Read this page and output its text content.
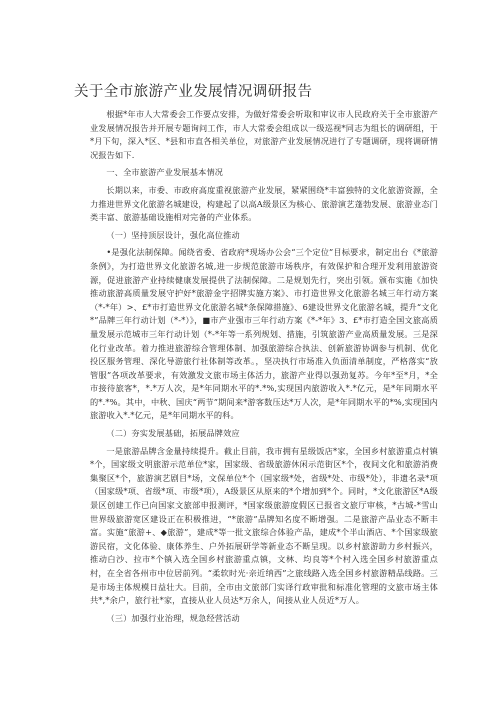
关于全市旅游产业发展情况调研报告

根据*年市人大常委会工作要点安排，为做好常委会听取和审议市人民政府关于全市旅游产业发展情况报告并开展专题询问工作，市人大常委会组成以一级巡视*同志为组长的调研组，于*月下旬，深入*区、*县和市直各相关单位，对旅游产业发展情况进行了专题调研，现将调研情况报告如下.

一、全市旅游产业发展基本情况

长期以来，市委、市政府高度重视旅游产业发展，紧紧围绕*丰富独特的文化旅游资源，全力推进世界文化旅游名城建设，构建起了以高A级景区为核心、旅游演艺蓬勃发展、旅游业态门类丰富、旅游基础设施相对完备的产业体系。

（一）坚持顶层设计，强化高位推动

•是强化法制保障。闻绕省委、省政府*现场办公会“三个定位”目标要求，制定出台《*旅游条例》，为打造世界文化旅游名城,进一步规范旅游市场秩序，有效保护和合理开发利用旅游资源，促进旅游产业持续健康发展提供了法制保障。二是规划先行，突出引领。颁布实施《加快推动旅游高质量发展守护好*旅游金字招牌实施方案》、市打造世界文化旅游名城三年行动方案（*-*年）>、£*市打造世界文化旅游名城*条保障措施》、6建设世界文化旅游名城，提升“文化*”品牌三年行动计划（*-*）》，■市产业强市三年行动方案《*-*年》3、£*市打造全国文旅高质量发展示范城市三年行动计划（*-*年等一系列规划、措施，引筑旅游产业高质量发展。三是深化行业改革。着力推进旅游综合管理体制、加强旅游综合执法、创新旅游协调参与机制、优化投区服务管理、深化导游旅行社体制等改革。，坚决执行市场准入负面清单制度，严格落实“放管服”各项改革要求，有效激发文旅市场主体活力，旅游产业得以强劲复苏。今年*至*月，*全市接待旅客*，*.*万人次，是*年同期水平的*.*%,实现国内旅游收入*.*亿元，是*年同期水平的*.*%。其中，中秋、国庆“两节”期间来*游客数压达*万人次，是*年同期水平的*%,实现国内旅游收入*.*亿元，是*年同期水平的科。

（二）夯实发展基础，拓展品牌效应

一是旅游品牌含金量持续提升。截止目前，我市拥有星级饭店*家，全国乡村旅游重点村镇*个，国家级文明旅游示范单位*家，国家级、省级旅游休闲示范街区*个，夜间文化和旅游消费集聚区*个，旅游演艺剧目*场，文保单位*个（国家级*处，省级*处、市级*处），非遗名录*项（国家级*项、省级*项、市级*项），A级景区从原来的*个增加到*个。同时，*文化旅游区*A级景区创建工作已向国家文旅部申报测评，*国家级旅游度假区已报省文旅厅审核，*古城-*雪山世界级旅游宽区建设正在积极推进，“*旅游”品牌知名度不断增强。二是旅游产品业态不断丰富。实施“旅游+、◆旅游”，建成*等一批文旅综合体验产品，建成*个半山酒店、*个国家级旅游民宿，文化体验、康体养生、户外拓展研学等新业态不断呈现。以乡村旅游助力乡村振兴，推动白沙、拉市*个镇入选全国乡村旅游重点镇，文林、均良等*个村入选全国乡村旅游重点村，在全省各州市中位居前列。“柔软时光·亲近纳西”之旅线路入选全国乡村旅游精品线路。三是市场主体规模日益壮大。目前，全市由文旅部门实译行政审批和标准化管理的文旅市场主体共*,*余户，旅行社*家，直接从业人员达*万余人，间接从业人员近*万人。

（三）加强行业治理，规急经营活动
